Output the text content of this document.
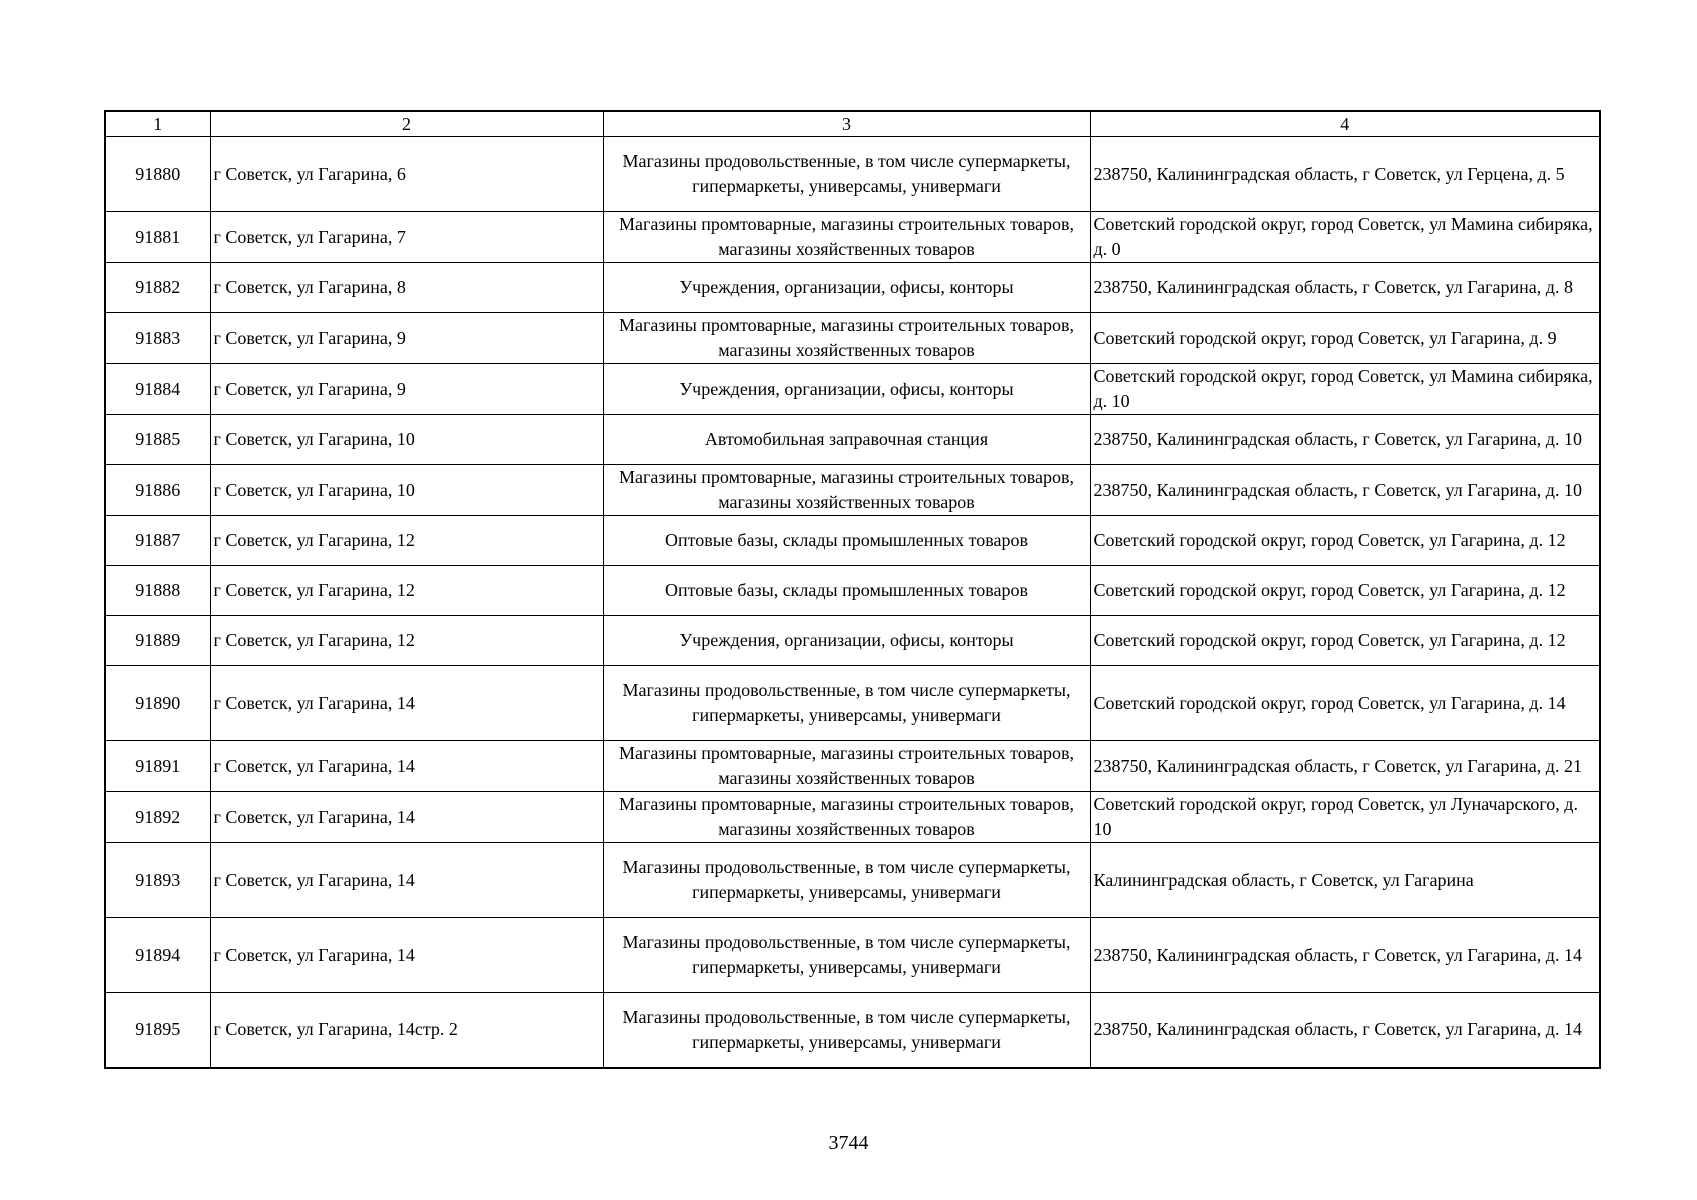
1	2	3	4
91880	г Советск, ул Гагарина, 6	Магазины продовольственные, в том числе супермаркеты, гипермаркеты, универсамы, универмаги	238750, Калининградская область, г Советск, ул Герцена, д. 5
91881	г Советск, ул Гагарина, 7	Магазины промтоварные, магазины строительных товаров, магазины хозяйственных товаров	Советский городской округ, город Советск, ул Мамина сибиряка, д. 0
91882	г Советск, ул Гагарина, 8	Учреждения, организации, офисы, конторы	238750, Калининградская область, г Советск, ул Гагарина, д. 8
91883	г Советск, ул Гагарина, 9	Магазины промтоварные, магазины строительных товаров, магазины хозяйственных товаров	Советский городской округ, город Советск, ул Гагарина, д. 9
91884	г Советск, ул Гагарина, 9	Учреждения, организации, офисы, конторы	Советский городской округ, город Советск, ул Мамина сибиряка, д. 10
91885	г Советск, ул Гагарина, 10	Автомобильная заправочная станция	238750, Калининградская область, г Советск, ул Гагарина, д. 10
91886	г Советск, ул Гагарина, 10	Магазины промтоварные, магазины строительных товаров, магазины хозяйственных товаров	238750, Калининградская область, г Советск, ул Гагарина, д. 10
91887	г Советск, ул Гагарина, 12	Оптовые базы, склады промышленных товаров	Советский городской округ, город Советск, ул Гагарина, д. 12
91888	г Советск, ул Гагарина, 12	Оптовые базы, склады промышленных товаров	Советский городской округ, город Советск, ул Гагарина, д. 12
91889	г Советск, ул Гагарина, 12	Учреждения, организации, офисы, конторы	Советский городской округ, город Советск, ул Гагарина, д. 12
91890	г Советск, ул Гагарина, 14	Магазины продовольственные, в том числе супермаркеты, гипермаркеты, универсамы, универмаги	Советский городской округ, город Советск, ул Гагарина, д. 14
91891	г Советск, ул Гагарина, 14	Магазины промтоварные, магазины строительных товаров, магазины хозяйственных товаров	238750, Калининградская область, г Советск, ул Гагарина, д. 21
91892	г Советск, ул Гагарина, 14	Магазины промтоварные, магазины строительных товаров, магазины хозяйственных товаров	Советский городской округ, город Советск, ул Луначарского, д. 10
91893	г Советск, ул Гагарина, 14	Магазины продовольственные, в том числе супермаркеты, гипермаркеты, универсамы, универмаги	Калининградская область, г Советск, ул Гагарина
91894	г Советск, ул Гагарина, 14	Магазины продовольственные, в том числе супермаркеты, гипермаркеты, универсамы, универмаги	238750, Калининградская область, г Советск, ул Гагарина, д. 14
91895	г Советск, ул Гагарина, 14стр. 2	Магазины продовольственные, в том числе супермаркеты, гипермаркеты, универсамы, универмаги	238750, Калининградская область, г Советск, ул Гагарина, д. 14
3744
